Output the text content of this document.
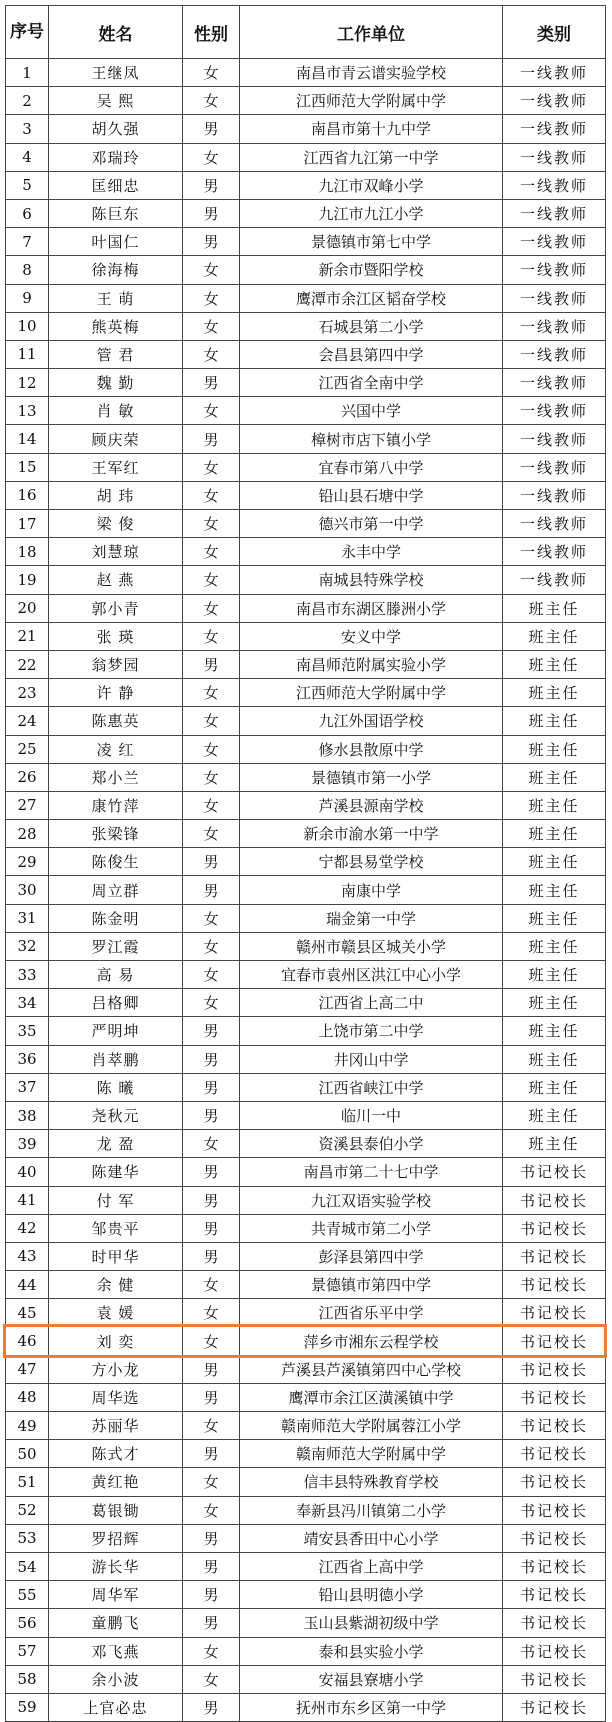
序号	姓名	性别	工作单位	类别
1	王继凤	女	南昌市青云谱实验学校	一线教师
2	吴 熙	女	江西师范大学附属中学	一线教师
3	胡久强	男	南昌市第十九中学	一线教师
4	邓瑞玲	女	江西省九江第一中学	一线教师
5	匡细忠	男	九江市双峰小学	一线教师
6	陈巨东	男	九江市九江小学	一线教师
7	叶国仁	男	景德镇市第七中学	一线教师
8	徐海梅	女	新余市暨阳学校	一线教师
9	王 萌	女	鹰潭市余江区韬奋学校	一线教师
10	熊英梅	女	石城县第二小学	一线教师
11	管 君	女	会昌县第四中学	一线教师
12	魏 勤	男	江西省全南中学	一线教师
13	肖 敏	女	兴国中学	一线教师
14	顾庆荣	男	樟树市店下镇小学	一线教师
15	王军红	女	宜春市第八中学	一线教师
16	胡 玮	女	铅山县石塘中学	一线教师
17	梁 俊	女	德兴市第一中学	一线教师
18	刘慧琼	女	永丰中学	一线教师
19	赵 燕	女	南城县特殊学校	一线教师
20	郭小青	女	南昌市东湖区滕洲小学	班主任
21	张 瑛	女	安义中学	班主任
22	翁梦园	男	南昌师范附属实验小学	班主任
23	许 静	女	江西师范大学附属中学	班主任
24	陈惠英	女	九江外国语学校	班主任
25	凌 红	女	修水县散原中学	班主任
26	郑小兰	女	景德镇市第一小学	班主任
27	康竹萍	女	芦溪县源南学校	班主任
28	张梁锋	女	新余市渝水第一中学	班主任
29	陈俊生	男	宁都县易堂学校	班主任
30	周立群	男	南康中学	班主任
31	陈金明	女	瑞金第一中学	班主任
32	罗江霞	女	赣州市赣县区城关小学	班主任
33	高 易	女	宜春市袁州区洪江中心小学	班主任
34	吕格卿	女	江西省上高二中	班主任
35	严明坤	男	上饶市第二中学	班主任
36	肖萃鹏	男	井冈山中学	班主任
37	陈 曦	男	江西省峡江中学	班主任
38	尧秋元	男	临川一中	班主任
39	龙 盈	女	资溪县泰伯小学	班主任
40	陈建华	男	南昌市第二十七中学	书记校长
41	付 军	男	九江双语实验学校	书记校长
42	邹贵平	男	共青城市第二小学	书记校长
43	时甲华	男	彭泽县第四中学	书记校长
44	余 健	女	景德镇市第四中学	书记校长
45	袁 媛	女	江西省乐平中学	书记校长
46	刘 奕	女	萍乡市湘东云程学校	书记校长
47	方小龙	男	芦溪县芦溪镇第四中心学校	书记校长
48	周华选	男	鹰潭市余江区潢溪镇中学	书记校长
49	苏丽华	女	赣南师范大学附属蓉江小学	书记校长
50	陈式才	男	赣南师范大学附属中学	书记校长
51	黄红艳	女	信丰县特殊教育学校	书记校长
52	葛银锄	女	奉新县冯川镇第二小学	书记校长
53	罗招辉	男	靖安县香田中心小学	书记校长
54	游长华	男	江西省上高中学	书记校长
55	周华军	男	铅山县明德小学	书记校长
56	童鹏飞	男	玉山县紫湖初级中学	书记校长
57	邓飞燕	女	泰和县实验小学	书记校长
58	余小波	女	安福县寮塘小学	书记校长
59	上官必忠	男	抚州市东乡区第一中学	书记校长
